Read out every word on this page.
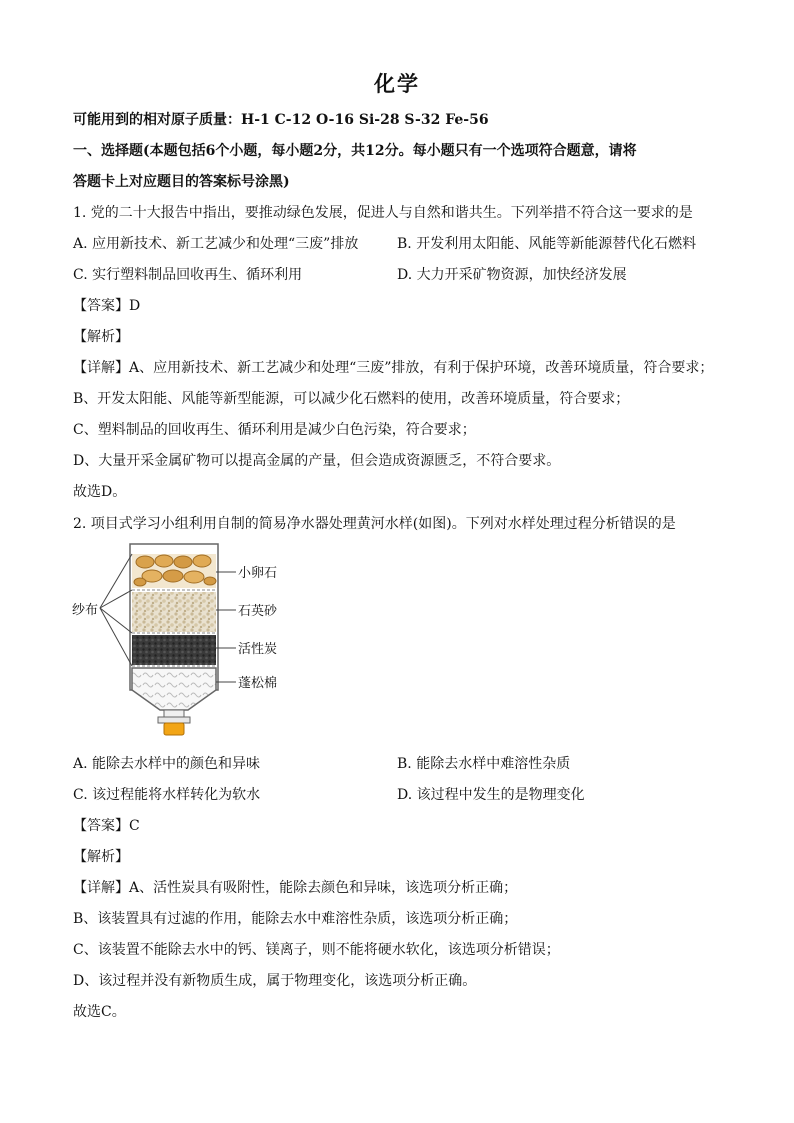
化学
可能用到的相对原子质量：H-1 C-12 O-16 Si-28 S-32 Fe-56
一、选择题(本题包括6个小题，每小题2分，共12分。每小题只有一个选项符合题意，请将
答题卡上对应题目的答案标号涂黑)
1. 党的二十大报告中指出，要推动绿色发展，促进人与自然和谐共生。下列举措不符合这一要求的是
A. 应用新技术、新工艺减少和处理“三废”排放	B. 开发利用太阳能、风能等新能源替代化石燃料
C. 实行塑料制品回收再生、循环利用	D. 大力开采矿物资源，加快经济发展
【答案】D
【解析】
【详解】A、应用新技术、新工艺减少和处理“三废”排放，有利于保护环境，改善环境质量，符合要求；
B、开发太阳能、风能等新型能源，可以减少化石燃料的使用，改善环境质量，符合要求；
C、塑料制品的回收再生、循环利用是减少白色污染，符合要求；
D、大量开采金属矿物可以提高金属的产量，但会造成资源匮乏，不符合要求。
故选D。
2. 项目式学习小组利用自制的简易净水器处理黄河水样(如图)。下列对水样处理过程分析错误的是
纱布
小卵石
石英砂
活性炭
蓬松棉
A. 能除去水样中的颜色和异味	B. 能除去水样中难溶性杂质
C. 该过程能将水样转化为软水	D. 该过程中发生的是物理变化
【答案】C
【解析】
【详解】A、活性炭具有吸附性，能除去颜色和异味，该选项分析正确；
B、该装置具有过滤的作用，能除去水中难溶性杂质，该选项分析正确；
C、该装置不能除去水中的钙、镁离子，则不能将硬水软化，该选项分析错误；
D、该过程并没有新物质生成，属于物理变化，该选项分析正确。
故选C。
